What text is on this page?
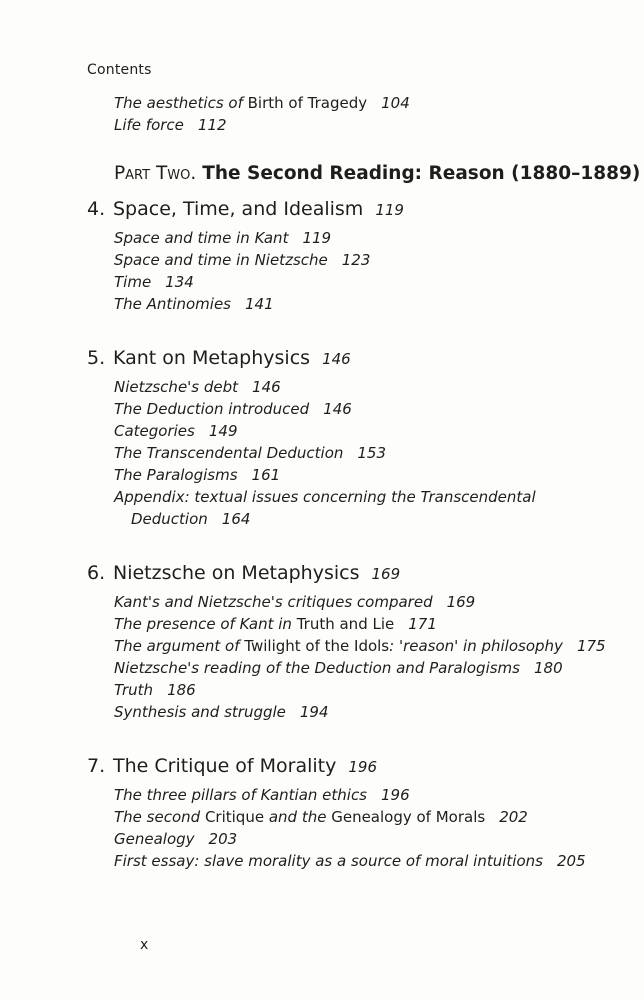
Contents
The aesthetics of Birth of Tragedy 104
Life force 112
Part Two. The Second Reading: Reason (1880–1889)
4. Space, Time, and Idealism 119
Space and time in Kant 119
Space and time in Nietzsche 123
Time 134
The Antinomies 141
5. Kant on Metaphysics 146
Nietzsche's debt 146
The Deduction introduced 146
Categories 149
The Transcendental Deduction 153
The Paralogisms 161
Appendix: textual issues concerning the Transcendental
Deduction 164
6. Nietzsche on Metaphysics 169
Kant's and Nietzsche's critiques compared 169
The presence of Kant in Truth and Lie 171
The argument of Twilight of the Idols: 'reason' in philosophy 175
Nietzsche's reading of the Deduction and Paralogisms 180
Truth 186
Synthesis and struggle 194
7. The Critique of Morality 196
The three pillars of Kantian ethics 196
The second Critique and the Genealogy of Morals 202
Genealogy 203
First essay: slave morality as a source of moral intuitions 205
x
